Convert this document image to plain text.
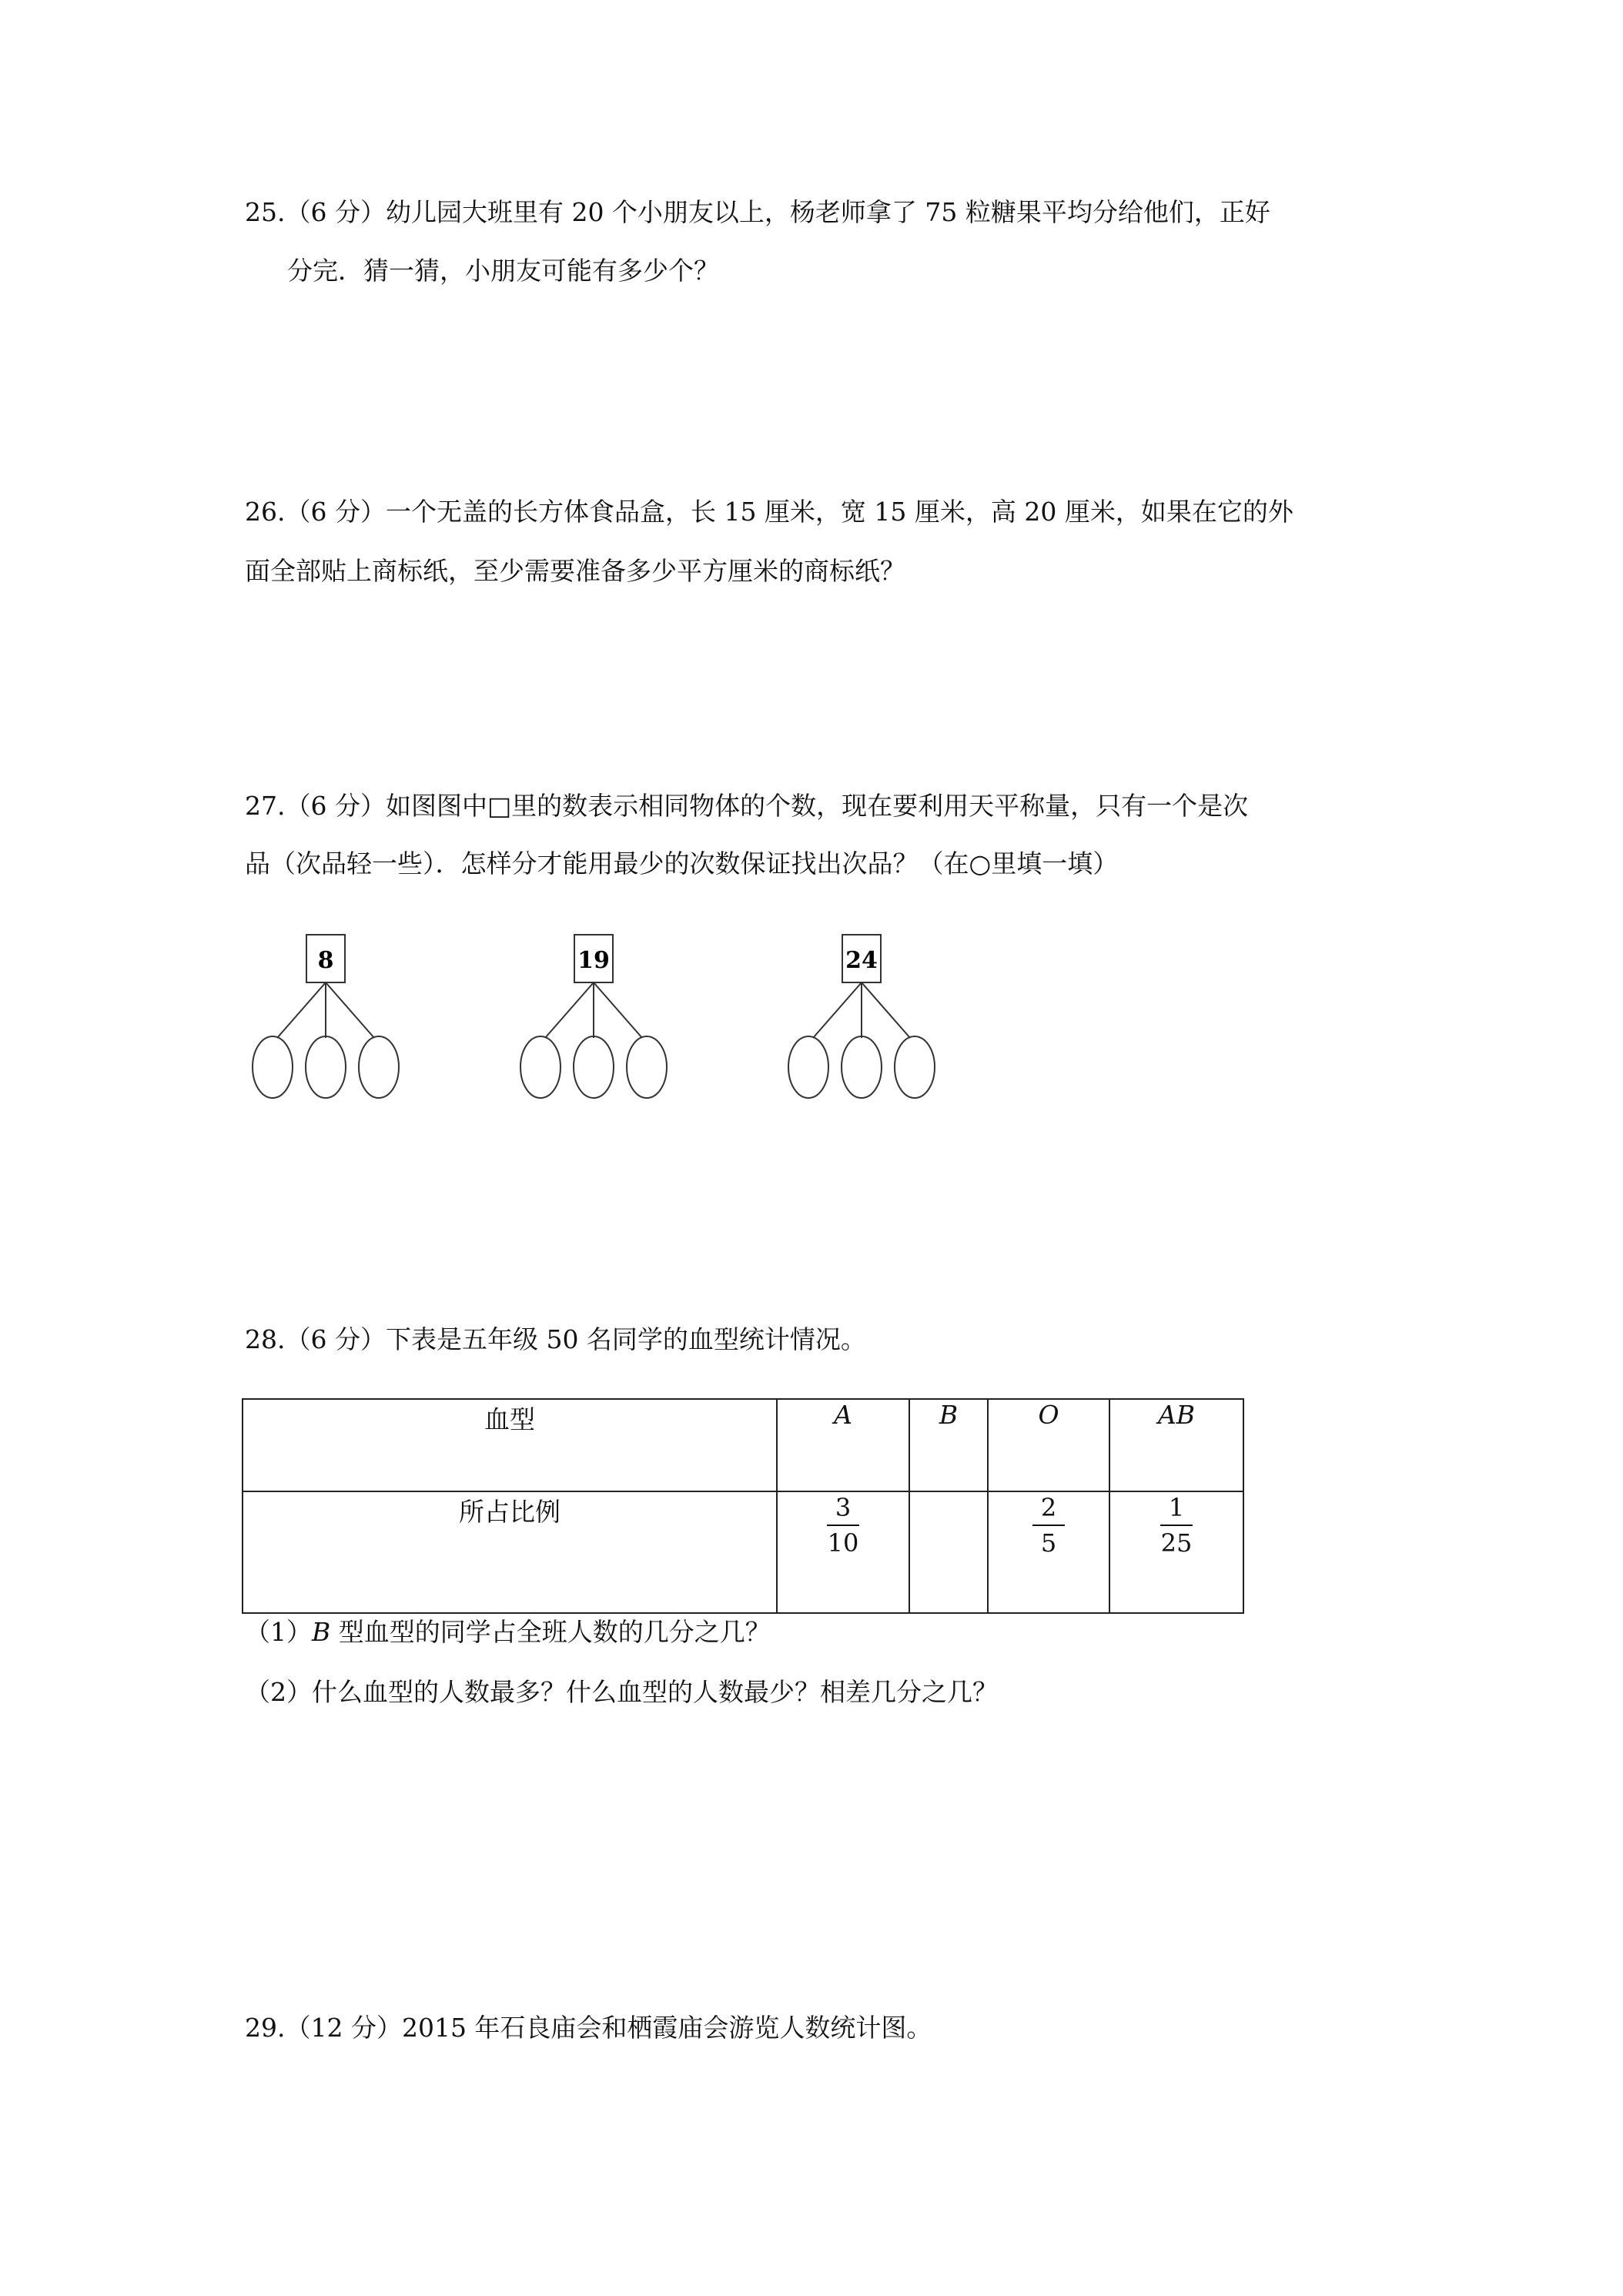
25.（6 分）幼儿园大班里有 20 个小朋友以上，杨老师拿了 75 粒糖果平均分给他们，正好
分完．猜一猜，小朋友可能有多少个？
26.（6 分）一个无盖的长方体食品盒，长 15 厘米，宽 15 厘米，高 20 厘米，如果在它的外
面全部贴上商标纸，至少需要准备多少平方厘米的商标纸？
27.（6 分）如图图中□里的数表示相同物体的个数，现在要利用天平称量，只有一个是次
品（次品轻一些）．怎样分才能用最少的次数保证找出次品？（在○里填一填）
8	19	24
28.（6 分）下表是五年级 50 名同学的血型统计情况。
血型	A	B	O	AB
所占比例	$\frac{3}{10}$		$\frac{2}{5}$	$\frac{1}{25}$
（1）B 型血型的同学占全班人数的几分之几？
（2）什么血型的人数最多？什么血型的人数最少？相差几分之几？
29.（12 分）2015 年石良庙会和栖霞庙会游览人数统计图。
